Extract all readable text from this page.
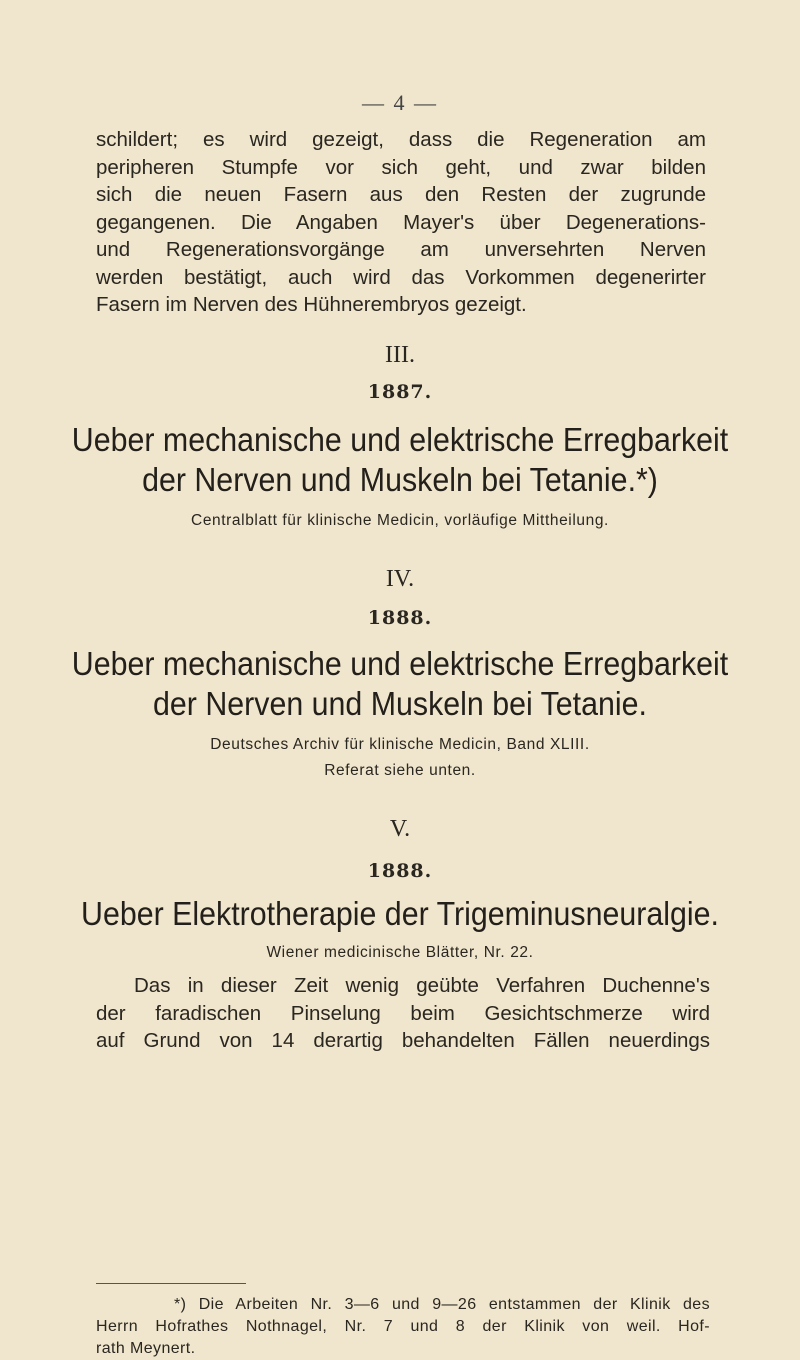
— 4 —
schildert; es wird gezeigt, dass die Regeneration am
peripheren Stumpfe vor sich geht, und zwar bilden
sich die neuen Fasern aus den Resten der zugrunde
gegangenen. Die Angaben Mayer's über Degenerations-
und Regenerationsvorgänge am unversehrten Nerven
werden bestätigt, auch wird das Vorkommen degenerirter
Fasern im Nerven des Hühnerembryos gezeigt.
III.
1887.
Ueber mechanische und elektrische Erregbarkeit
der Nerven und Muskeln bei Tetanie.*)
Centralblatt für klinische Medicin, vorläufige Mittheilung.
IV.
1888.
Ueber mechanische und elektrische Erregbarkeit
der Nerven und Muskeln bei Tetanie.
Deutsches Archiv für klinische Medicin, Band XLIII.
Referat siehe unten.
V.
1888.
Ueber Elektrotherapie der Trigeminusneuralgie.
Wiener medicinische Blätter, Nr. 22.
Das in dieser Zeit wenig geübte Verfahren Duchenne's
der faradischen Pinselung beim Gesichtschmerze wird
auf Grund von 14 derartig behandelten Fällen neuerdings
*) Die Arbeiten Nr. 3—6 und 9—26 entstammen der Klinik des
Herrn Hofrathes Nothnagel, Nr. 7 und 8 der Klinik von weil. Hof-
rath Meynert.
